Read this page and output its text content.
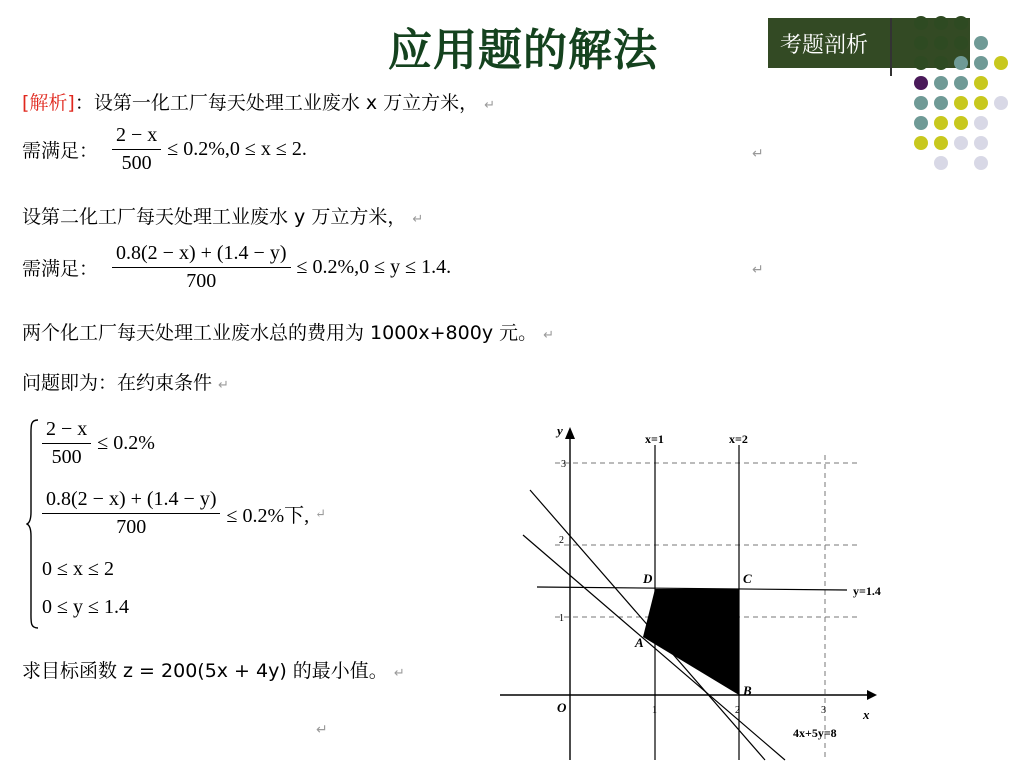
应用题的解法	考题剖析
[解析]：设第一化工厂每天处理工业废水 x 万立方米， ↵
需满足： $\frac{2 - x}{500} \le 0.2\%,0 \le x \le 2$.	↵
设第二化工厂每天处理工业废水 y 万立方米， ↵
需满足： $\frac{0.8(2 - x) + (1.4 - y)}{700} \le 0.2\%,0 \le y \le 1.4$.	↵
两个化工厂每天处理工业废水总的费用为 1000x+800y 元。 ↵
问题即为：在约束条件 ↵
$\frac{2 - x}{500} \le 0.2\%$
$\frac{0.8(2 - x) + (1.4 - y)}{700} \le 0.2\%$下, ↵
0 ≤ x ≤ 2
0 ≤ y ≤ 1.4
求目标函数 z = 200(5x + 4y) 的最小值。 ↵
↵
y
x
O	1	2	3
1
2
3
x=1	x=2
y=1.4
4x+5y=8
D	C
A
B
